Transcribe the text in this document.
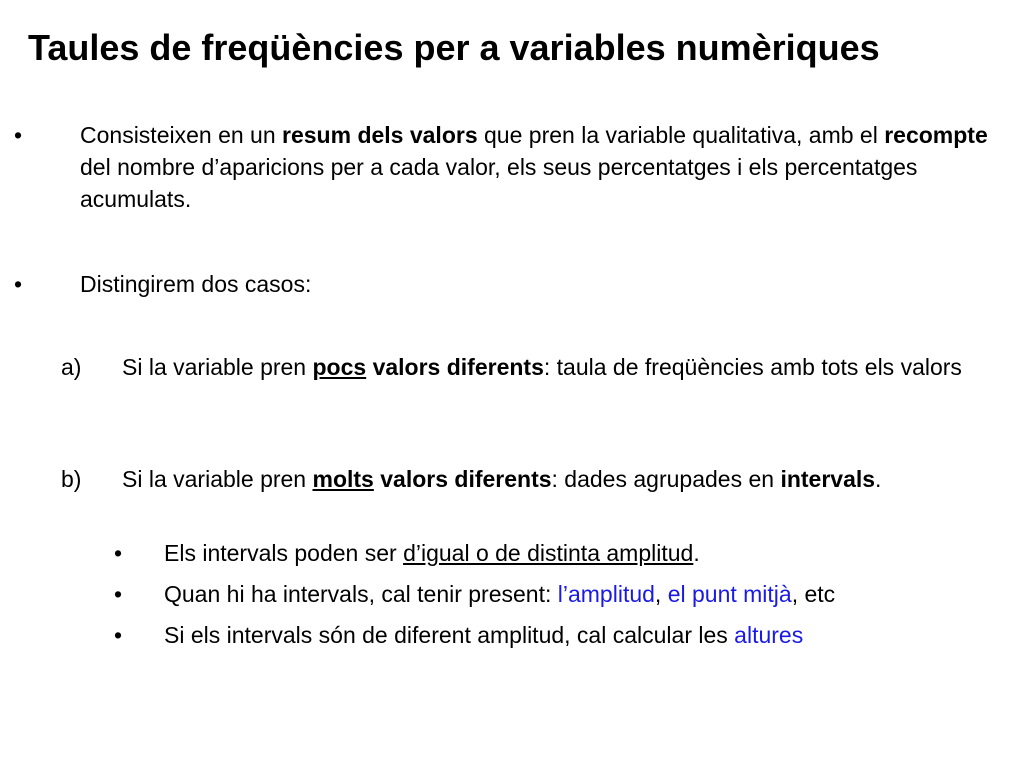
Taules de freqüències per a variables numèriques
•	Consisteixen en un resum dels valors que pren la variable qualitativa, amb el recompte del nombre d’aparicions per a cada valor, els seus percentatges i els percentatges acumulats.
•	Distingirem dos casos:
a) Si la variable pren pocs valors diferents: taula de freqüències amb tots els valors
b) Si la variable pren molts valors diferents: dades agrupades en intervals.
• Els intervals poden ser d’igual o de distinta amplitud.
• Quan hi ha intervals, cal tenir present: l’amplitud, el punt mitjà, etc
• Si els intervals són de diferent amplitud, cal calcular les altures
